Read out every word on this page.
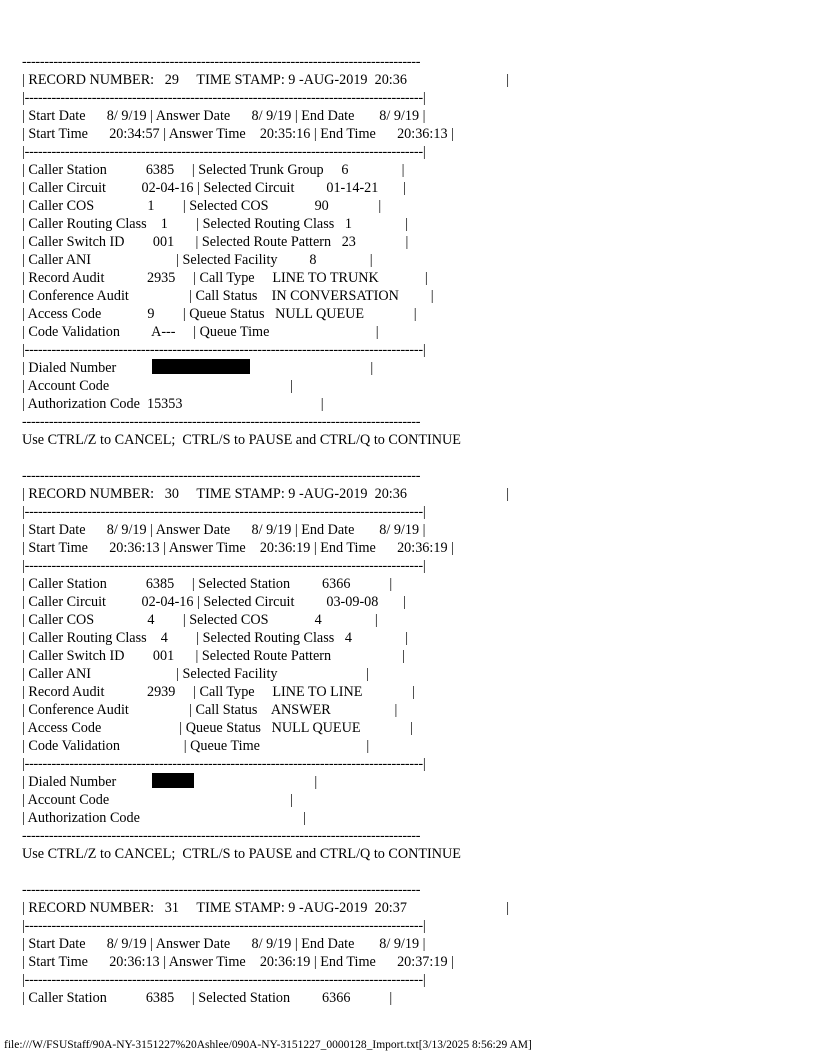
-----------------------------------------------------------------------------------------
| RECORD NUMBER:   29     TIME STAMP: 9 -AUG-2019  20:36                            |
|-----------------------------------------------------------------------------------------|
| Start Date      8/ 9/19 | Answer Date      8/ 9/19 | End Date       8/ 9/19 |
| Start Time      20:34:57 | Answer Time    20:35:16 | End Time      20:36:13 |
|-----------------------------------------------------------------------------------------|
| Caller Station           6385     | Selected Trunk Group     6               |
| Caller Circuit          02-04-16 | Selected Circuit         01-14-21       |
| Caller COS               1        | Selected COS             90              |
| Caller Routing Class    1        | Selected Routing Class   1               |
| Caller Switch ID        001      | Selected Route Pattern   23              |
| Caller ANI                        | Selected Facility         8               |
| Record Audit            2935     | Call Type     LINE TO TRUNK             |
| Conference Audit                 | Call Status    IN CONVERSATION         |
| Access Code             9        | Queue Status   NULL QUEUE              |
| Code Validation         A---     | Queue Time                              |
|-----------------------------------------------------------------------------------------|
| Dialed Number	|
| Account Code                                                   |
| Authorization Code  15353                                       |
-----------------------------------------------------------------------------------------
Use CTRL/Z to CANCEL;  CTRL/S to PAUSE and CTRL/Q to CONTINUE
-----------------------------------------------------------------------------------------
| RECORD NUMBER:   30     TIME STAMP: 9 -AUG-2019  20:36                            |
|-----------------------------------------------------------------------------------------|
| Start Date      8/ 9/19 | Answer Date      8/ 9/19 | End Date       8/ 9/19 |
| Start Time      20:36:13 | Answer Time    20:36:19 | End Time      20:36:19 |
|-----------------------------------------------------------------------------------------|
| Caller Station           6385     | Selected Station         6366           |
| Caller Circuit          02-04-16 | Selected Circuit         03-09-08       |
| Caller COS               4        | Selected COS             4               |
| Caller Routing Class    4        | Selected Routing Class   4               |
| Caller Switch ID        001      | Selected Route Pattern                    |
| Caller ANI                        | Selected Facility                         |
| Record Audit            2939     | Call Type     LINE TO LINE              |
| Conference Audit                 | Call Status    ANSWER                  |
| Access Code                      | Queue Status   NULL QUEUE              |
| Code Validation                  | Queue Time                              |
|-----------------------------------------------------------------------------------------|
| Dialed Number	|
| Account Code                                                   |
| Authorization Code                                              |
-----------------------------------------------------------------------------------------
Use CTRL/Z to CANCEL;  CTRL/S to PAUSE and CTRL/Q to CONTINUE
-----------------------------------------------------------------------------------------
| RECORD NUMBER:   31     TIME STAMP: 9 -AUG-2019  20:37                            |
|-----------------------------------------------------------------------------------------|
| Start Date      8/ 9/19 | Answer Date      8/ 9/19 | End Date       8/ 9/19 |
| Start Time      20:36:13 | Answer Time    20:36:19 | End Time      20:37:19 |
|-----------------------------------------------------------------------------------------|
| Caller Station           6385     | Selected Station         6366           |
file:///W/FSUStaff/90A-NY-3151227%20Ashlee/090A-NY-3151227_0000128_Import.txt[3/13/2025 8:56:29 AM]
